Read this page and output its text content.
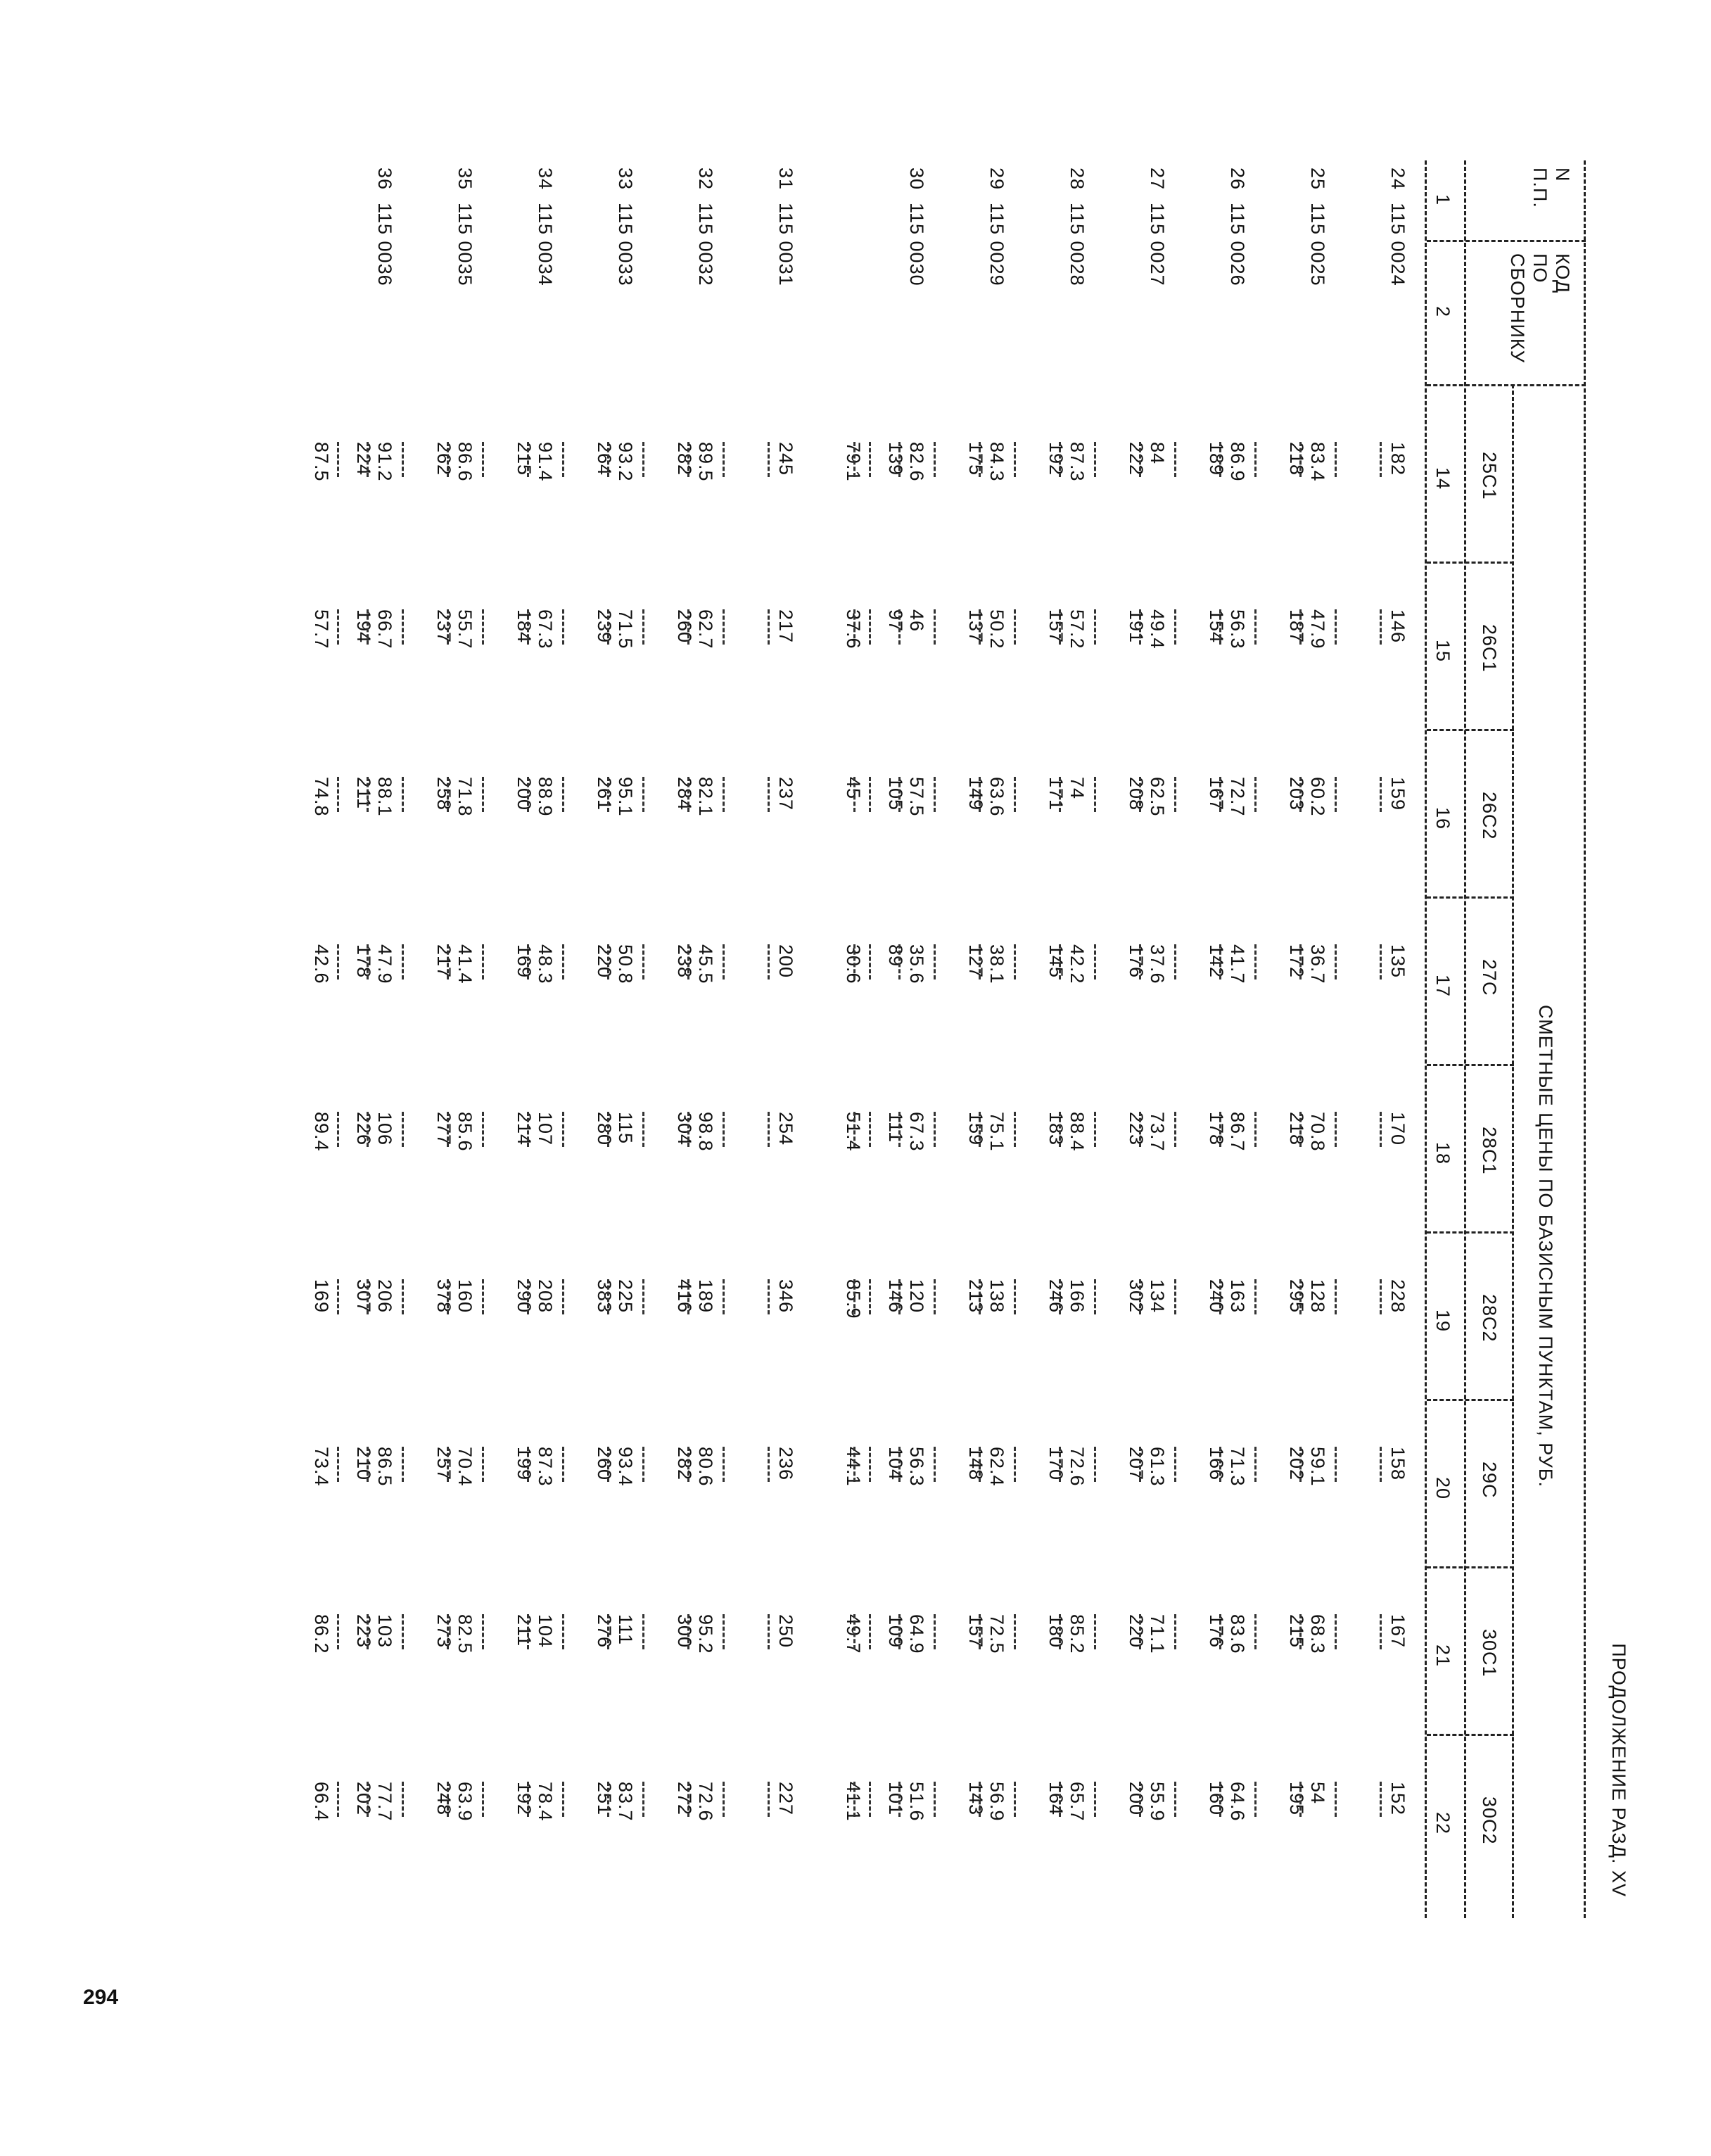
294
ПРОДОЛЖЕНИЕ РАЗД. XV
N
П.П.
КОД
ПО
СБОРНИКУ
СМЕТНЫЕ ЦЕНЫ ПО БАЗИСНЫМ ПУНКТАМ, РУБ.
25С1
26С1
26С2
27С
28С1
28С2
29С
30С1
30С2
1
2
14
15
16
17
18
19
20
21
22
24
115 0024
182
146
159
135
170
228
158
167
152
25
115 0025
83.4
47.9
60.2
36.7
70.8
128
59.1
68.3
54
218
187
203
172
218
295
202
215
195
26
115 0026
86.9
56.3
72.7
41.7
86.7
163
71.3
83.6
64.6
189
154
167
142
178
240
166
176
160
27
115 0027
84
49.4
62.5
37.6
73.7
134
61.3
71.1
55.9
222
191
208
176
223
302
207
220
200
28
115 0028
87.3
57.2
74
42.2
88.4
166
72.6
85.2
65.7
192
157
171
145
183
246
170
180
164
29
115 0029
84.3
50.2
63.6
38.1
75.1
138
62.4
72.5
56.9
175
137
149
127
159
213
148
157
143
30
115 0030
82.6
46
57.5
35.6
67.3
120
56.3
64.9
51.6
139
97
105
89
111
146
104
109
101
79.1
37.6
45
30.6
51.4
85.9
44.1
49.7
41.1
31
115 0031
245
217
237
200
254
346
236
250
227
32
115 0032
89.5
62.7
82.1
45.5
98.8
189
80.6
95.2
72.6
282
260
284
238
304
416
282
300
272
33
115 0033
93.2
71.5
95.1
50.8
115
225
93.4
111
83.7
264
239
261
220
280
383
260
276
251
34
115 0034
91.4
67.3
88.9
48.3
107
208
87.3
104
78.4
215
184
200
169
214
290
199
211
192
35
115 0035
86.6
55.7
71.8
41.4
85.6
160
70.4
82.5
63.9
262
237
258
217
277
378
257
273
248
36
115 0036
91.2
66.7
88.1
47.9
106
206
86.5
103
77.7
224
194
211
178
226
307
210
223
202
87.5
57.7
74.8
42.6
89.4
169
73.4
86.2
66.4
